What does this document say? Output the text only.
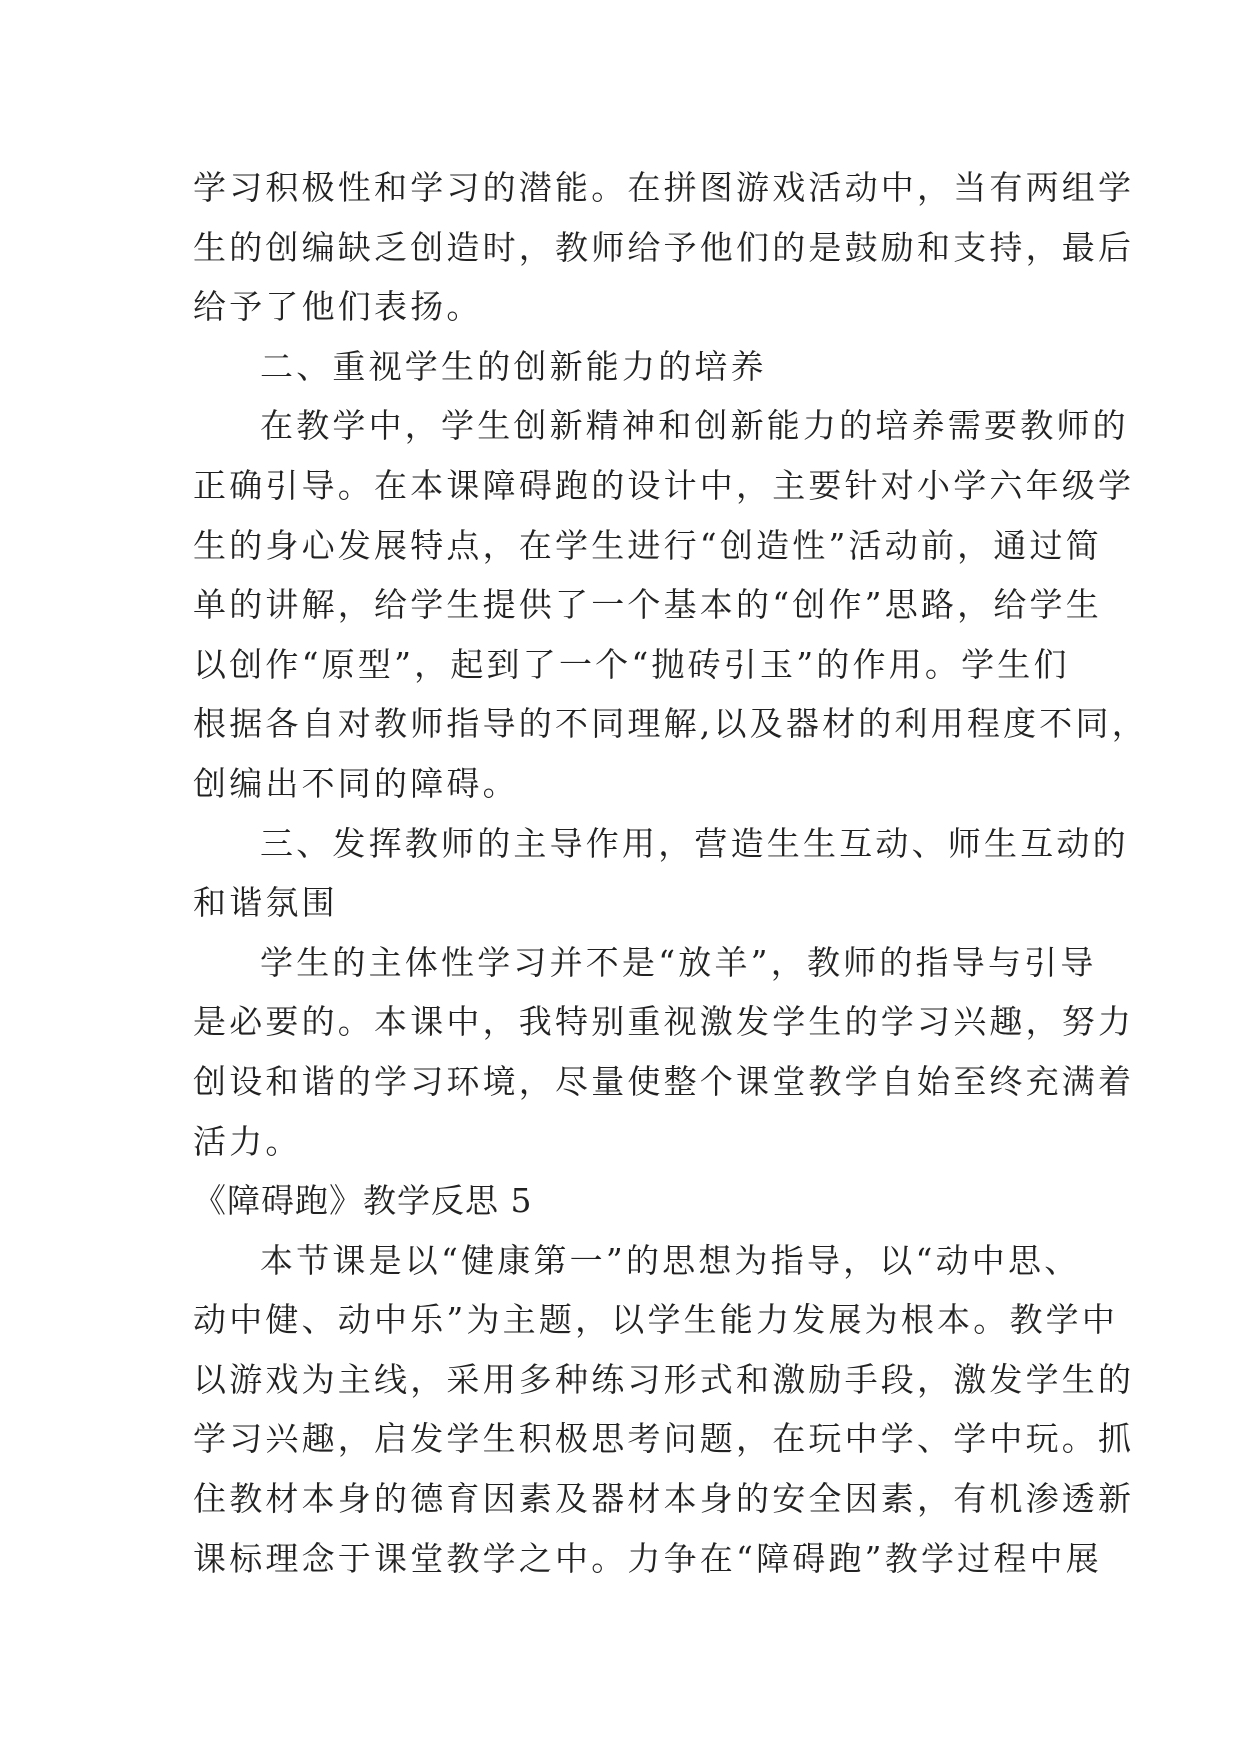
学习积极性和学习的潜能。在拼图游戏活动中，当有两组学
生的创编缺乏创造时，教师给予他们的是鼓励和支持，最后
给予了他们表扬。
二、重视学生的创新能力的培养
在教学中，学生创新精神和创新能力的培养需要教师的
正确引导。在本课障碍跑的设计中，主要针对小学六年级学
生的身心发展特点，在学生进行“创造性”活动前，通过简
单的讲解，给学生提供了一个基本的“创作”思路，给学生
以创作“原型”，起到了一个“抛砖引玉”的作用。学生们
根据各自对教师指导的不同理解,以及器材的利用程度不同，
创编出不同的障碍。
三、发挥教师的主导作用，营造生生互动、师生互动的
和谐氛围
学生的主体性学习并不是“放羊”，教师的指导与引导
是必要的。本课中，我特别重视激发学生的学习兴趣，努力
创设和谐的学习环境，尽量使整个课堂教学自始至终充满着
活力。
《障碍跑》教学反思 5
本节课是以“健康第一”的思想为指导，以“动中思、
动中健、动中乐”为主题，以学生能力发展为根本。教学中
以游戏为主线，采用多种练习形式和激励手段，激发学生的
学习兴趣，启发学生积极思考问题，在玩中学、学中玩。抓
住教材本身的德育因素及器材本身的安全因素，有机渗透新
课标理念于课堂教学之中。力争在“障碍跑”教学过程中展
